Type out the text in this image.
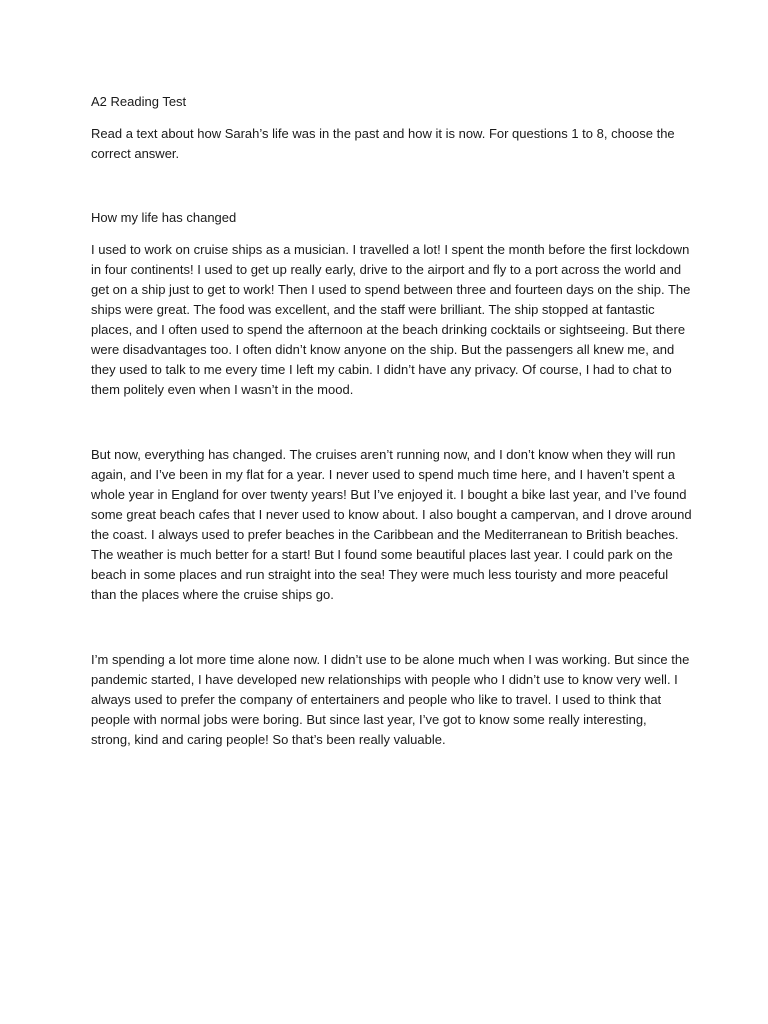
A2 Reading Test
Read a text about how Sarah’s life was in the past and how it is now. For questions 1 to 8, choose the
correct answer.
How my life has changed
I used to work on cruise ships as a musician. I travelled a lot! I spent the month before the first lockdown
in four continents! I used to get up really early, drive to the airport and fly to a port across the world and
get on a ship just to get to work! Then I used to spend between three and fourteen days on the ship. The
ships were great. The food was excellent, and the staff were brilliant. The ship stopped at fantastic
places, and I often used to spend the afternoon at the beach drinking cocktails or sightseeing. But there
were disadvantages too. I often didn’t know anyone on the ship. But the passengers all knew me, and
they used to talk to me every time I left my cabin. I didn’t have any privacy. Of course, I had to chat to
them politely even when I wasn’t in the mood.
But now, everything has changed. The cruises aren’t running now, and I don’t know when they will run
again, and I’ve been in my flat for a year. I never used to spend much time here, and I haven’t spent a
whole year in England for over twenty years! But I’ve enjoyed it. I bought a bike last year, and I’ve found
some great beach cafes that I never used to know about. I also bought a campervan, and I drove around
the coast. I always used to prefer beaches in the Caribbean and the Mediterranean to British beaches.
The weather is much better for a start! But I found some beautiful places last year. I could park on the
beach in some places and run straight into the sea! They were much less touristy and more peaceful
than the places where the cruise ships go.
I’m spending a lot more time alone now. I didn’t use to be alone much when I was working. But since the
pandemic started, I have developed new relationships with people who I didn’t use to know very well. I
always used to prefer the company of entertainers and people who like to travel. I used to think that
people with normal jobs were boring. But since last year, I’ve got to know some really interesting,
strong, kind and caring people! So that’s been really valuable.
